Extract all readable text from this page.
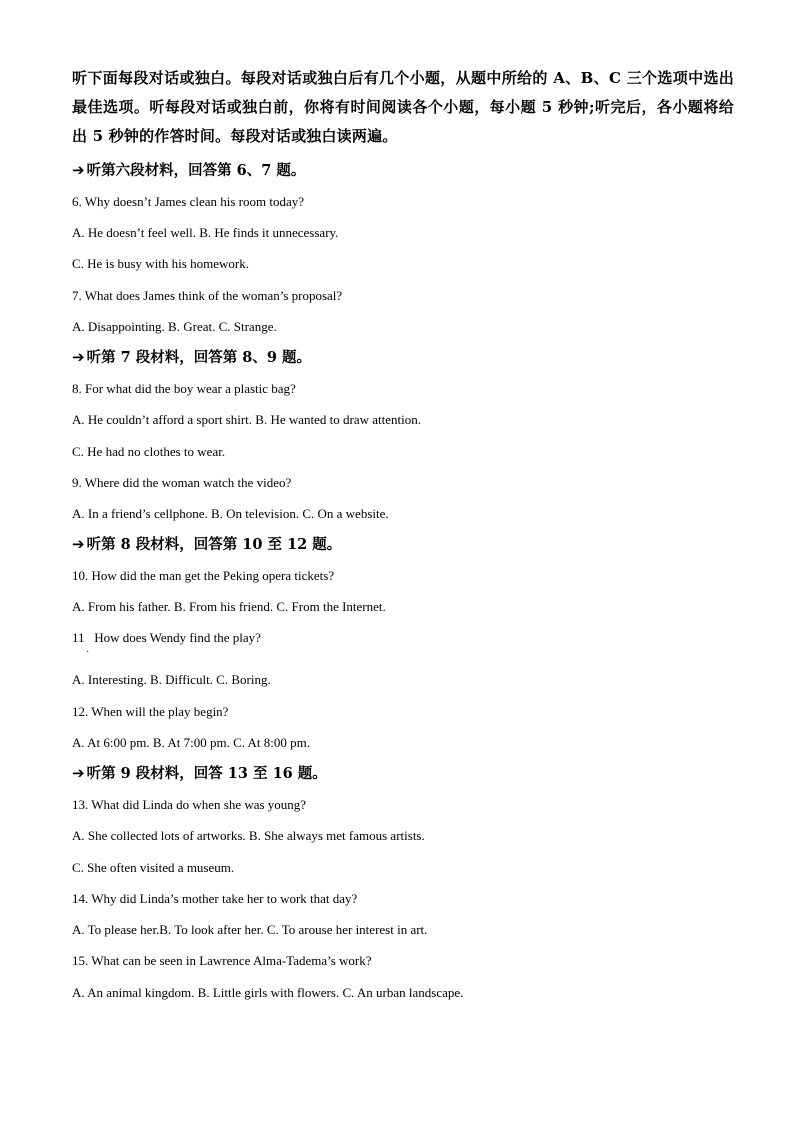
听下面每段对话或独白。每段对话或独白后有几个小题，从题中所给的 A、B、C 三个选项中选出最佳选项。听每段对话或独白前，你将有时间阅读各个小题，每小题 5 秒钟;听完后，各小题将给出 5 秒钟的作答时间。每段对话或独白读两遍。
➔ 听第六段材料，回答第 6、7 题。
6. Why doesn’t James clean his room today?
A. He doesn’t feel well. B. He finds it unnecessary.
C. He is busy with his homework.
7. What does James think of the woman’s proposal?
A. Disappointing. B. Great. C. Strange.
➔ 听第 7 段材料，回答第 8、9 题。
8. For what did the boy wear a plastic bag?
A. He couldn’t afford a sport shirt. B. He wanted to draw attention.
C. He had no clothes to wear.
9. Where did the woman watch the video?
A. In a friend’s cellphone. B. On television. C. On a website.
➔ 听第 8 段材料，回答第 10 至 12 题。
10. How did the man get the Peking opera tickets?
A. From his father. B. From his friend. C. From the Internet.
11   How does Wendy find the play?
·
A. Interesting. B. Difficult. C. Boring.
12. When will the play begin?
A. At 6:00 pm. B. At 7:00 pm. C. At 8:00 pm.
➔ 听第 9 段材料，回答 13 至 16 题。
13. What did Linda do when she was young?
A. She collected lots of artworks. B. She always met famous artists.
C. She often visited a museum.
14. Why did Linda’s mother take her to work that day?
A. To please her.B. To look after her. C. To arouse her interest in art.
15. What can be seen in Lawrence Alma-Tadema’s work?
A. An animal kingdom. B. Little girls with flowers. C. An urban landscape.
